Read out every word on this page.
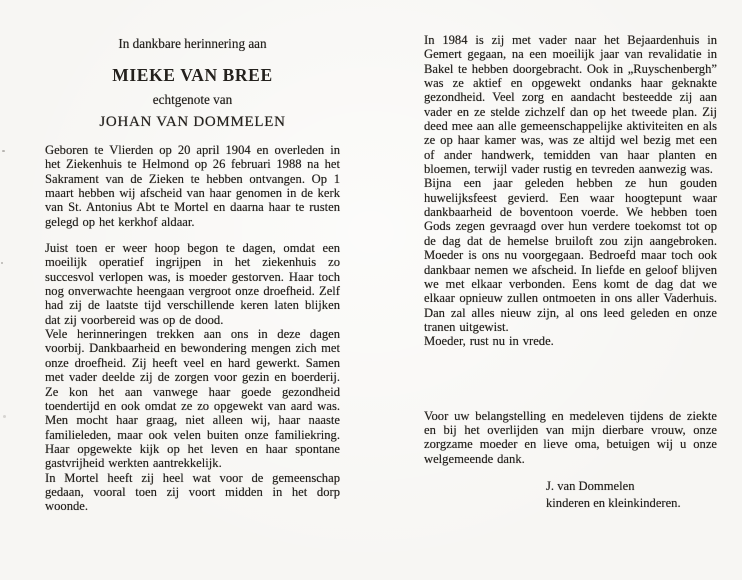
In dankbare herinnering aan

MIEKE VAN BREE

echtgenote van

JOHAN VAN DOMMELEN

Geboren te Vlierden op 20 april 1904 en overleden in het Ziekenhuis te Helmond op 26 februari 1988 na het Sakrament van de Zieken te hebben ontvangen. Op 1 maart hebben wij afscheid van haar genomen in de kerk van St. Antonius Abt te Mortel en daarna haar te rusten gelegd op het kerkhof aldaar.

Juist toen er weer hoop begon te dagen, omdat een moeilijk operatief ingrijpen in het ziekenhuis zo succesvol verlopen was, is moeder gestorven. Haar toch nog onverwachte heengaan vergroot onze droefheid. Zelf had zij de laatste tijd verschillende keren laten blijken dat zij voorbereid was op de dood.

Vele herinneringen trekken aan ons in deze dagen voorbij. Dankbaarheid en bewondering mengen zich met onze droefheid. Zij heeft veel en hard gewerkt. Samen met vader deelde zij de zorgen voor gezin en boerderij. Ze kon het aan vanwege haar goede gezondheid toendertijd en ook omdat ze zo opgewekt van aard was. Men mocht haar graag, niet alleen wij, haar naaste familieleden, maar ook velen buiten onze familiekring. Haar opgewekte kijk op het leven en haar spontane gastvrijheid werkten aantrekkelijk.

In Mortel heeft zij heel wat voor de gemeenschap gedaan, vooral toen zij voort midden in het dorp woonde.

In 1984 is zij met vader naar het Bejaardenhuis in Gemert gegaan, na een moeilijk jaar van revalidatie in Bakel te hebben doorgebracht. Ook in „Ruyschenbergh” was ze aktief en opgewekt ondanks haar geknakte gezondheid. Veel zorg en aandacht besteedde zij aan vader en ze stelde zichzelf dan op het tweede plan. Zij deed mee aan alle gemeenschappelijke aktiviteiten en als ze op haar kamer was, was ze altijd wel bezig met een of ander handwerk, temidden van haar planten en bloemen, terwijl vader rustig en tevreden aanwezig was.

Bijna een jaar geleden hebben ze hun gouden huwelijksfeest gevierd. Een waar hoogtepunt waar dankbaarheid de boventoon voerde. We hebben toen Gods zegen gevraagd over hun verdere toekomst tot op de dag dat de hemelse bruiloft zou zijn aangebroken. Moeder is ons nu voorgegaan. Bedroefd maar toch ook dankbaar nemen we afscheid. In liefde en geloof blijven we met elkaar verbonden. Eens komt de dag dat we elkaar opnieuw zullen ontmoeten in ons aller Vaderhuis. Dan zal alles nieuw zijn, al ons leed geleden en onze tranen uitgewist.

Moeder, rust nu in vrede.

Voor uw belangstelling en medeleven tijdens de ziekte en bij het overlijden van mijn dierbare vrouw, onze zorgzame moeder en lieve oma, betuigen wij u onze welgemeende dank.

J. van Dommelen

kinderen en kleinkinderen.
